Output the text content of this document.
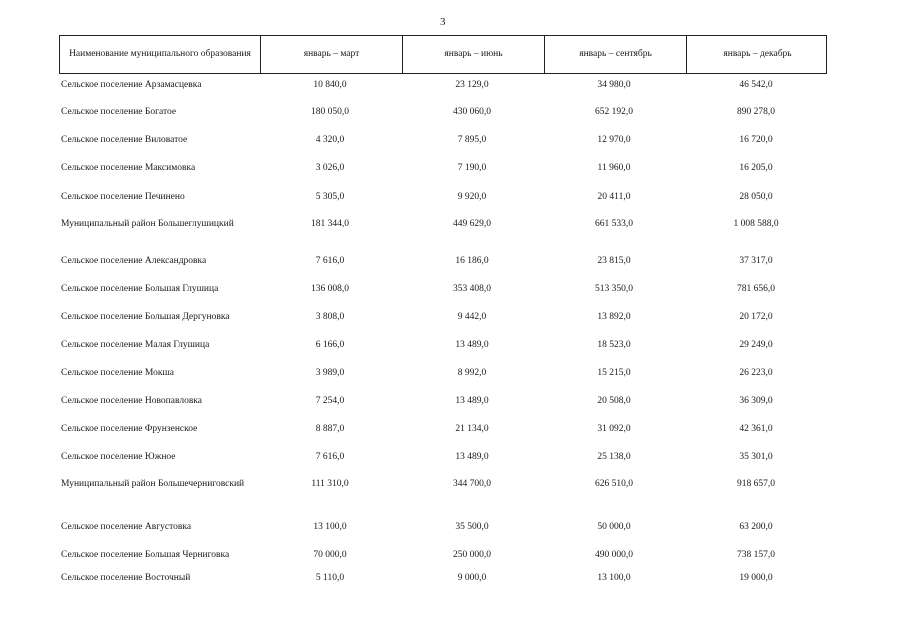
3
Наименование муниципального образования	январь – март	январь – июнь	январь – сентябрь	январь – декабрь
Сельское поселение Арзамасцевка	10 840,0	23 129,0	34 980,0	46 542,0
Сельское поселение Богатое	180 050,0	430 060,0	652 192,0	890 278,0
Сельское поселение Виловатое	4 320,0	7 895,0	12 970,0	16 720,0
Сельское поселение Максимовка	3 026,0	7 190,0	11 960,0	16 205,0
Сельское поселение Печинено	5 305,0	9 920,0	20 411,0	28 050,0
Муниципальный район Большеглушицкий	181 344,0	449 629,0	661 533,0	1 008 588,0
Сельское поселение Александровка	7 616,0	16 186,0	23 815,0	37 317,0
Сельское поселение Большая Глушица	136 008,0	353 408,0	513 350,0	781 656,0
Сельское поселение Большая Дергуновка	3 808,0	9 442,0	13 892,0	20 172,0
Сельское поселение Малая Глушица	6 166,0	13 489,0	18 523,0	29 249,0
Сельское поселение Мокша	3 989,0	8 992,0	15 215,0	26 223,0
Сельское поселение Новопавловка	7 254,0	13 489,0	20 508,0	36 309,0
Сельское поселение Фрунзенское	8 887,0	21 134,0	31 092,0	42 361,0
Сельское поселение Южное	7 616,0	13 489,0	25 138,0	35 301,0
Муниципальный район Большечерниговский	111 310,0	344 700,0	626 510,0	918 657,0
Сельское поселение Августовка	13 100,0	35 500,0	50 000,0	63 200,0
Сельское поселение Большая Черниговка	70 000,0	250 000,0	490 000,0	738 157,0
Сельское поселение Восточный	5 110,0	9 000,0	13 100,0	19 000,0
